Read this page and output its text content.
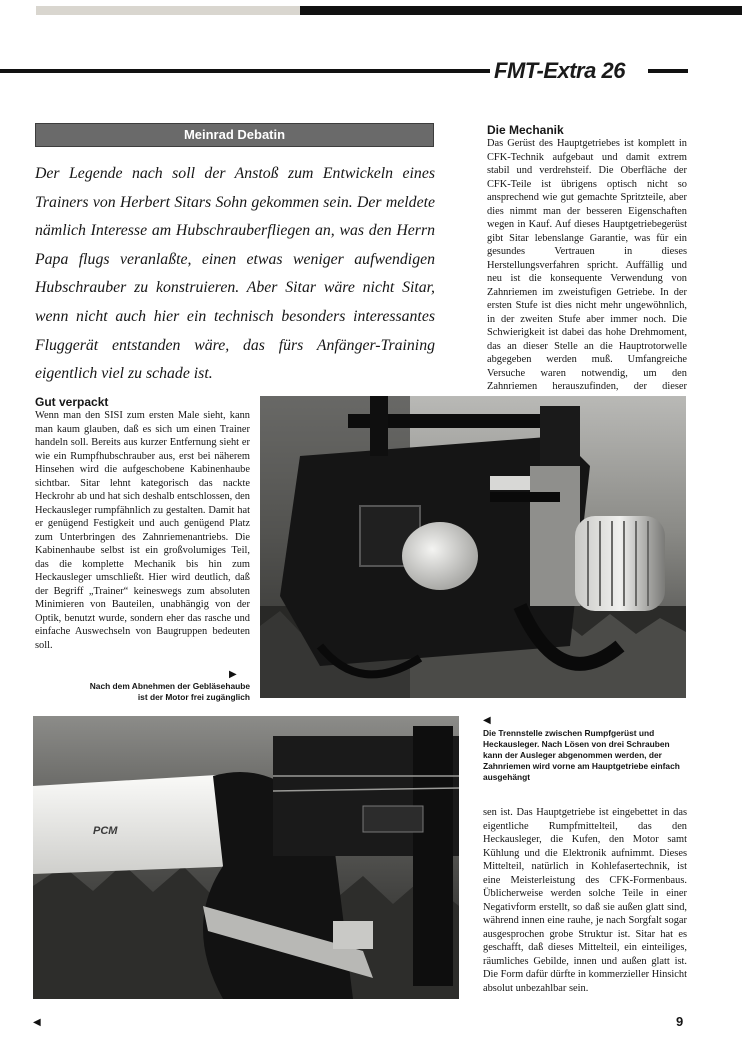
FMT-Extra 26
Meinrad Debatin
Der Legende nach soll der Anstoß zum Entwickeln eines Trainers von Herbert Sitars Sohn gekommen sein. Der meldete nämlich Interesse am Hubschrauberfliegen an, was den Herrn Papa flugs veranlaßte, einen etwas weniger aufwendigen Hubschrauber zu konstruieren. Aber Sitar wäre nicht Sitar, wenn nicht auch hier ein technisch besonders interessantes Fluggerät entstanden wäre, das fürs Anfänger-Training eigentlich viel zu schade ist.
Die Mechanik
Das Gerüst des Hauptgetriebes ist komplett in CFK-Technik aufgebaut und damit extrem stabil und verdrehsteif. Die Oberfläche der CFK-Teile ist übrigens optisch nicht so ansprechend wie gut gemachte Spritzteile, aber dies nimmt man der besseren Eigenschaften wegen in Kauf. Auf dieses Hauptgetriebegerüst gibt Sitar lebenslange Garantie, was für ein gesundes Vertrauen in dieses Herstellungsverfahren spricht. Auffällig und neu ist die konsequente Verwendung von Zahnriemen im zweistufigen Getriebe. In der ersten Stufe ist dies nicht mehr ungewöhnlich, in der zweiten Stufe aber immer noch. Die Schwierigkeit ist dabei das hohe Drehmoment, das an dieser Stelle an die Hauptrotorwelle abgegeben werden muß. Umfangreiche Versuche waren notwendig, um den Zahnriemen herauszufinden, der dieser
Gut verpackt
Wenn man den SISI zum ersten Male sieht, kann man kaum glauben, daß es sich um einen Trainer handeln soll. Bereits aus kurzer Entfernung sieht er wie ein Rumpfhubschrauber aus, erst bei näherem Hinsehen wird die aufgeschobene Kabinenhaube sichtbar. Sitar lehnt kategorisch das nackte Heckrohr ab und hat sich deshalb entschlossen, den Heckausleger rumpfähnlich zu gestalten. Damit hat er genügend Festigkeit und auch genügend Platz zum Unterbringen des Zahnriemenantriebs. Die Kabinenhaube selbst ist ein großvolumiges Teil, das die komplette Mechanik bis hin zum Heckausleger umschließt. Hier wird deutlich, daß der Begriff „Trainer“ keineswegs zum absoluten Minimieren von Bauteilen, unabhängig von der Optik, benutzt wurde, sondern eher das rasche und einfache Auswechseln von Baugruppen bedeuten soll.
▶
Nach dem Abnehmen der Gebläsehaube ist der Motor frei zugänglich
PCM
◀
Die Trennstelle zwischen Rumpfgerüst und Heckausleger. Nach Lösen von drei Schrauben kann der Ausleger abgenommen werden, der Zahnriemen wird vorne am Hauptgetriebe einfach ausgehängt
sen ist. Das Hauptgetriebe ist eingebettet in das eigentliche Rumpfmittelteil, das den Heckausleger, die Kufen, den Motor samt Kühlung und die Elektronik aufnimmt. Dieses Mittelteil, natürlich in Kohlefasertechnik, ist eine Meisterleistung des CFK-Formenbaus. Üblicherweise werden solche Teile in einer Negativform erstellt, so daß sie außen glatt sind, während innen eine rauhe, je nach Sorgfalt sogar ausgesprochen grobe Struktur ist. Sitar hat es geschafft, daß dieses Mittelteil, ein einteiliges, räumliches Gebilde, innen und außen glatt ist. Die Form dafür dürfte in kommerzieller Hinsicht absolut unbezahlbar sein.
◀	9
